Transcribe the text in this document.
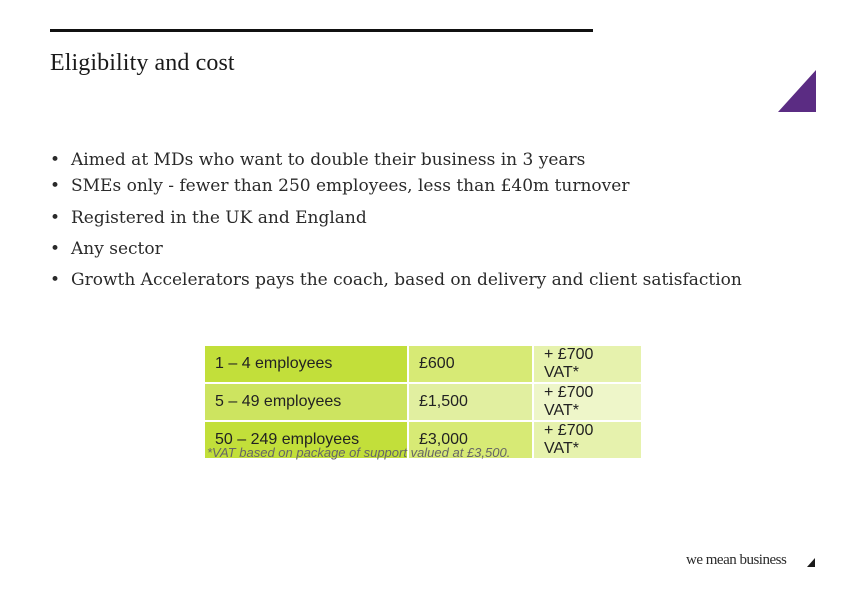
Eligibility and cost
• Aimed at MDs who want to double their business in 3 years
• SMEs only - fewer than 250 employees, less than £40m turnover
• Registered in the UK and England
• Any sector
• Growth Accelerators pays the coach, based on delivery and client satisfaction
1 – 4 employees	£600	+ £700 VAT*
5 – 49 employees	£1,500	+ £700 VAT*
50 – 249 employees	£3,000	+ £700 VAT*
*VAT based on package of support valued at £3,500.
we mean business
